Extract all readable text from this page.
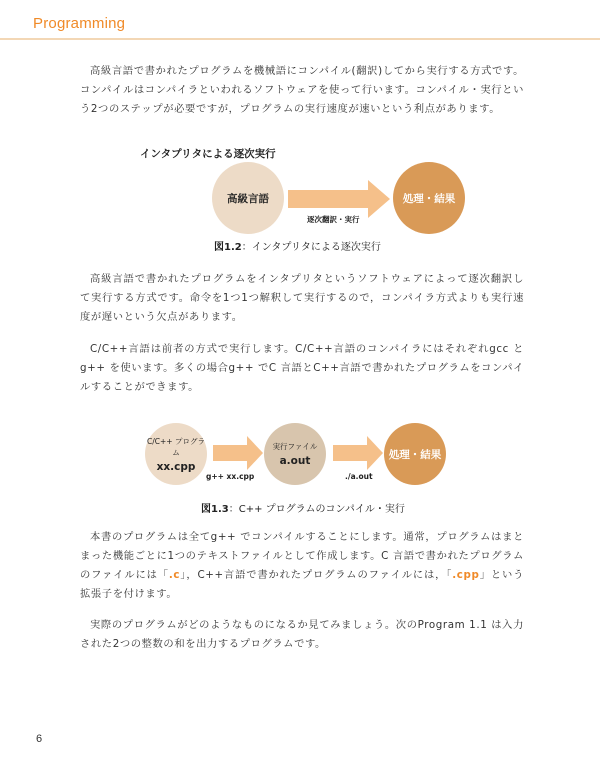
Programming

高級言語で書かれたプログラムを機械語にコンパイル(翻訳)してから実行する方式です。コンパイルはコンパイラといわれるソフトウェアを使って行います。コンパイル・実行という2つのステップが必要ですが，プログラムの実行速度が速いという利点があります。

インタプリタによる逐次実行
高級言語
逐次翻訳・実行
処理・結果
図1.2：インタプリタによる逐次実行

高級言語で書かれたプログラムをインタプリタというソフトウェアによって逐次翻訳して実行する方式です。命令を1つ1つ解釈して実行するので，コンパイラ方式よりも実行速度が遅いという欠点があります。

C/C++言語は前者の方式で実行します。C/C++言語のコンパイラにはそれぞれgcc とg++ を使います。多くの場合g++ でC 言語とC++言語で書かれたプログラムをコンパイルすることができます。

C/C++ プログラム
xx.cpp
g++ xx.cpp
実行ファイル
a.out
./a.out
処理・結果
図1.3：C++ プログラムのコンパイル・実行

本書のプログラムは全てg++ でコンパイルすることにします。通常，プログラムはまとまった機能ごとに1つのテキストファイルとして作成します。C 言語で書かれたプログラムのファイルには「.c」，C++言語で書かれたプログラムのファイルには，「.cpp」という拡張子を付けます。

実際のプログラムがどのようなものになるか見てみましょう。次のProgram 1.1 は入力された2つの整数の和を出力するプログラムです。

6
